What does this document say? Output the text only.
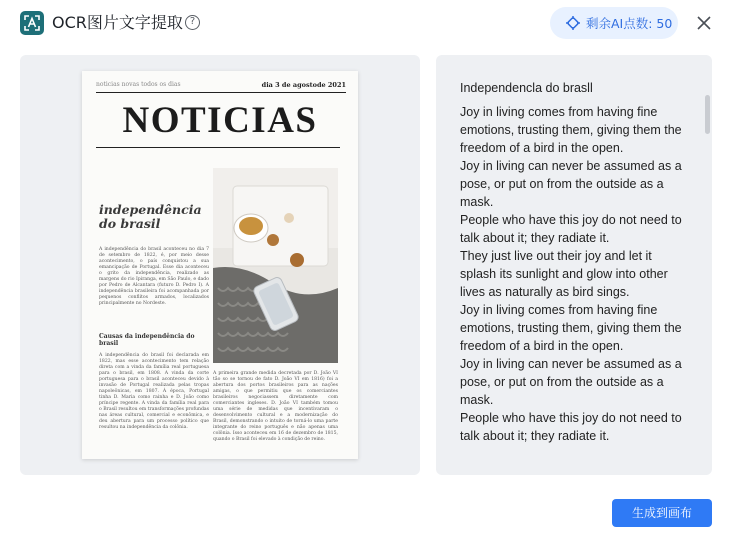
OCR图片文字提取 ?	剩余AI点数: 50
noticias novas todos os dias	dia 3 de agostode 2021
NOTICIAS
independência do brasil
A independência do brasil aconteceu no dia 7 de setembro de 1822, é, por meio desse acontecimento, o país conquistou a sua emancipação de Portugal. Esse dia aconteceu o grito da independência, realizado as margens do rio Ipiranga, em São Paulo, e dado por Pedro de Alcantara (futuro D. Pedro I). A independência brasileira foi acompanhada por pequenos conflitos armados, localizados principalmente no Nordeste.
Causas da independência do brasil
A independência do brasil foi declarada em 1822, mas esse acontecimento tem relação direta com a vinda da família real portuguesa para o brasil, em 1808. A vinda da corte portuguesa para o brasil aconteceu devido à invasão de Portugal realizada pelas tropas napoleônicas, em 1807. À época, Portugal tinha D. Maria como rainha e D. João como príncipe regente. A vinda da família real para o Brasil resultou em transformações profundas nas áreas cultural, comercial e econômica, e deu abertura para um processo político que resultou na independência da colônia.
A primeira grande medida decretada por D. João VI tão so se tornou de fato D. João VI em 1816) foi a abertura dos portos brasileiros para as nações amigas, o que permitiu que os comerciantes brasileiros negociassem diretamente com comerciantes ingleses. D. João VI também tomou uma série de medidas que incentivaram o desenvolvimento cultural e a modernização do Brasil, demonstrando o intuito de torná-lo uma parte integrante do reino português e não apenas uma colônia. Isso aconteceu em 16 de dezembro de 1815, quando o Brasil foi elevado à condição de reino.
Independencla do brasll
Joy in living comes from having fine
emotions, trusting them, giving them the
freedom of a bird in the open.
Joy in living can never be assumed as a
pose, or put on from the outside as a
mask.
People who have this joy do not need to
talk about it; they radiate it.
They just live out their joy and let it
splash its sunlight and glow into other
lives as naturally as bird sings.
Joy in living comes from having fine
emotions, trusting them, giving them the
freedom of a bird in the open.
Joy in living can never be assumed as a
pose, or put on from the outside as a
mask.
People who have this joy do not need to
talk about it; they radiate it.
生成到画布
